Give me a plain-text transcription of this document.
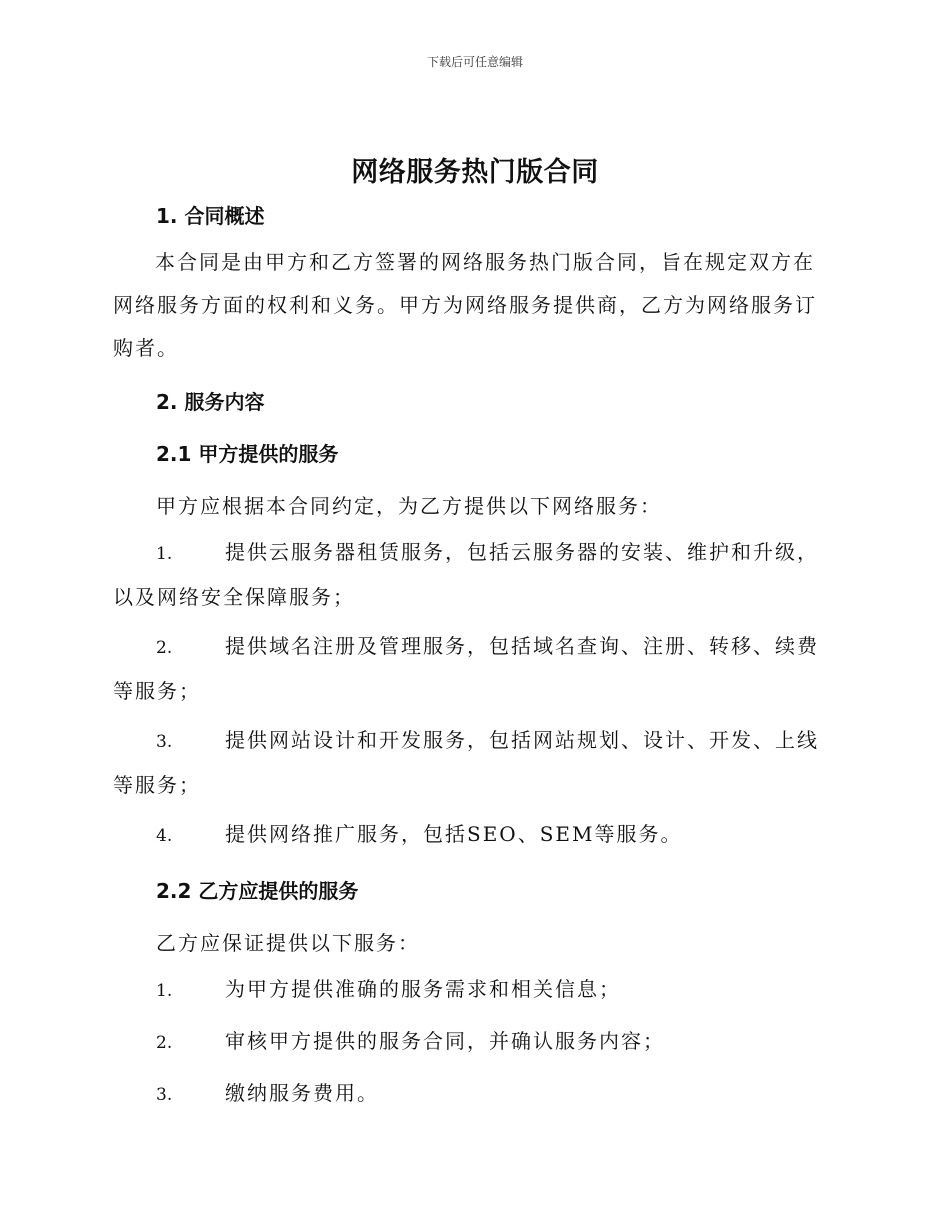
下载后可任意编辑
网络服务热门版合同
1. 合同概述
本合同是由甲方和乙方签署的网络服务热门版合同，旨在规定双方在网络服务方面的权利和义务。甲方为网络服务提供商，乙方为网络服务订购者。
2. 服务内容
2.1 甲方提供的服务
甲方应根据本合同约定，为乙方提供以下网络服务：
1.	提供云服务器租赁服务，包括云服务器的安装、维护和升级，以及网络安全保障服务；
2.	提供域名注册及管理服务，包括域名查询、注册、转移、续费等服务；
3.	提供网站设计和开发服务，包括网站规划、设计、开发、上线等服务；
4.	提供网络推广服务，包括SEO、SEM等服务。
2.2 乙方应提供的服务
乙方应保证提供以下服务：
1.	为甲方提供准确的服务需求和相关信息；
2.	审核甲方提供的服务合同，并确认服务内容；
3.	缴纳服务费用。
